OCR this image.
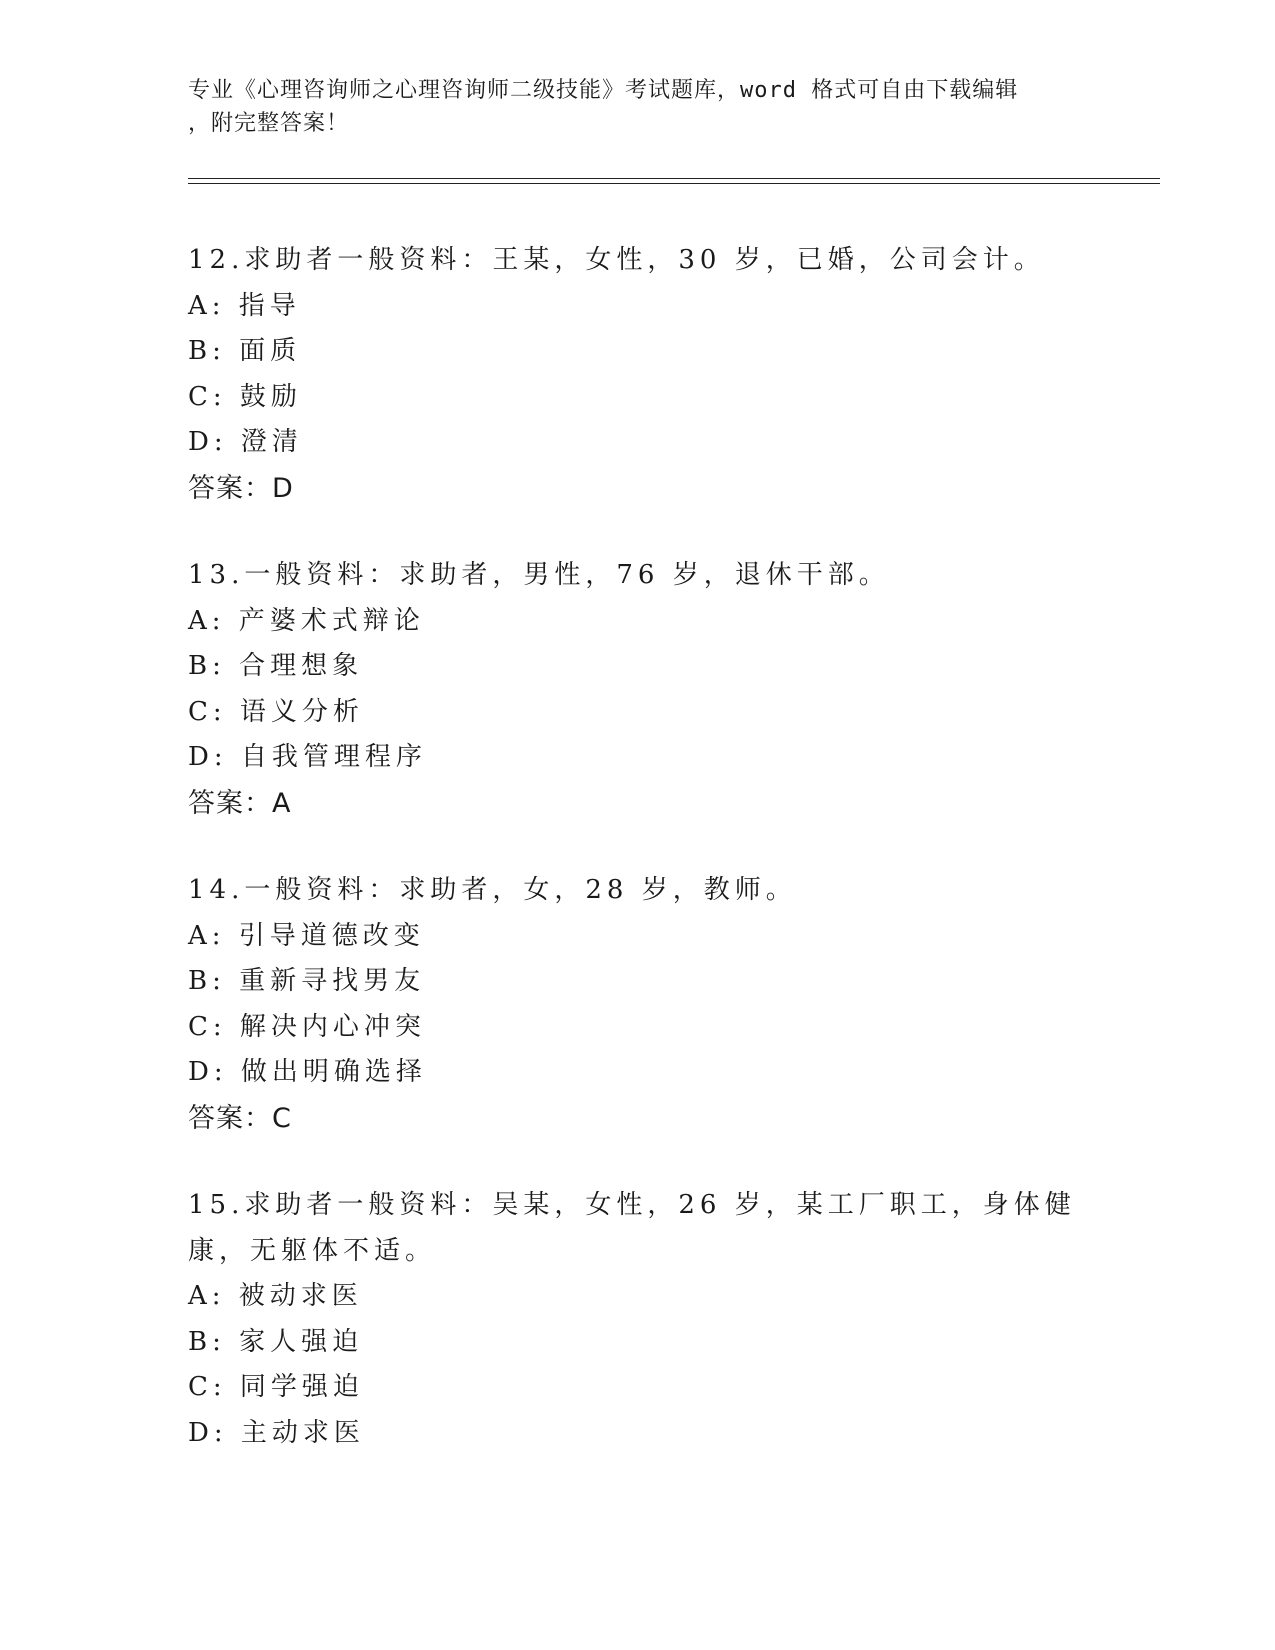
专业《心理咨询师之心理咨询师二级技能》考试题库，word 格式可自由下载编辑
，附完整答案！
12.求助者一般资料：王某，女性，30 岁，已婚，公司会计。
A: 指导
B: 面质
C: 鼓励
D: 澄清
答案：D
13.一般资料：求助者，男性，76 岁，退休干部。
A: 产婆术式辩论
B: 合理想象
C: 语义分析
D: 自我管理程序
答案：A
14.一般资料：求助者，女，28 岁，教师。
A: 引导道德改变
B: 重新寻找男友
C: 解决内心冲突
D: 做出明确选择
答案：C
15.求助者一般资料：吴某，女性，26 岁，某工厂职工，身体健康，无躯体不适。
A: 被动求医
B: 家人强迫
C: 同学强迫
D: 主动求医
